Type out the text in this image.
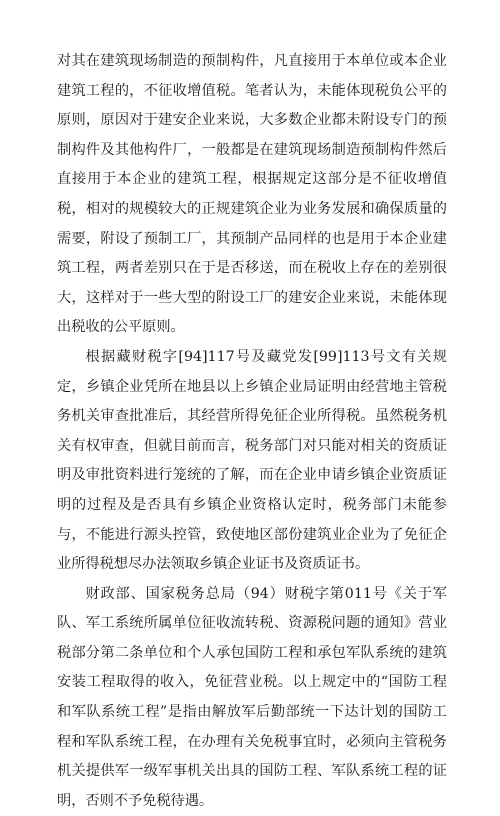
对其在建筑现场制造的预制构件，凡直接用于本单位或本企业建筑工程的，不征收增值税。笔者认为，未能体现税负公平的原则，原因对于建安企业来说，大多数企业都未附设专门的预制构件及其他构件厂，一般都是在建筑现场制造预制构件然后直接用于本企业的建筑工程，根据规定这部分是不征收增值税，相对的规模较大的正规建筑企业为业务发展和确保质量的需要，附设了预制工厂，其预制产品同样的也是用于本企业建筑工程，两者差别只在于是否移送，而在税收上存在的差别很大，这样对于一些大型的附设工厂的建安企业来说，未能体现出税收的公平原则。

根据藏财税字[94]117号及藏党发[99]113号文有关规定，乡镇企业凭所在地县以上乡镇企业局证明由经营地主管税务机关审查批准后，其经营所得免征企业所得税。虽然税务机关有权审查，但就目前而言，税务部门对只能对相关的资质证明及审批资料进行笼统的了解，而在企业申请乡镇企业资质证明的过程及是否具有乡镇企业资格认定时，税务部门未能参与，不能进行源头控管，致使地区部份建筑业企业为了免征企业所得税想尽办法领取乡镇企业证书及资质证书。

财政部、国家税务总局（94）财税字第011号《关于军队、军工系统所属单位征收流转税、资源税问题的通知》营业税部分第二条单位和个人承包国防工程和承包军队系统的建筑安装工程取得的收入，免征营业税。以上规定中的“国防工程和军队系统工程”是指由解放军后勤部统一下达计划的国防工程和军队系统工程，在办理有关免税事宜时，必须向主管税务机关提供军一级军事机关出具的国防工程、军队系统工程的证明，否则不予免税待遇。
